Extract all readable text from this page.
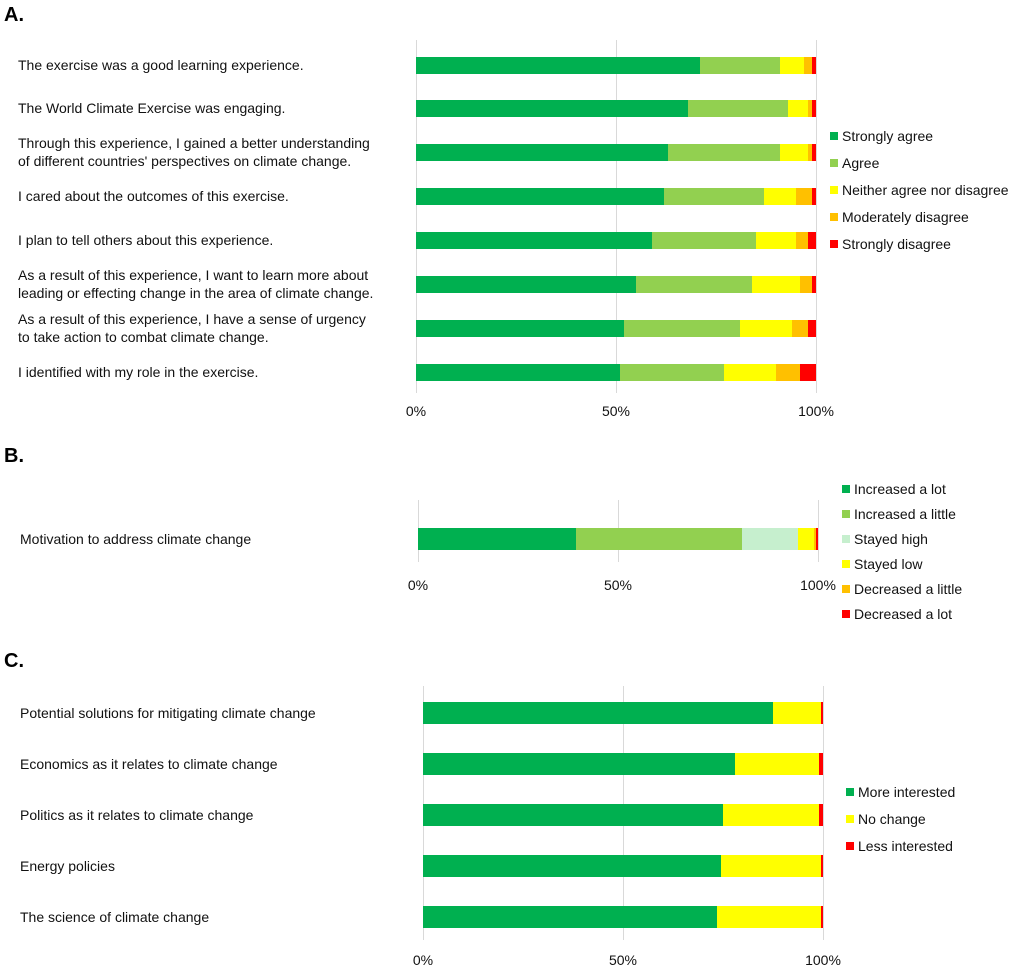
A.
0%	50%	100%
The exercise was a good learning experience.
The World Climate Exercise was engaging.
Through this experience, I gained a better understanding
of different countries' perspectives on climate change.
I cared about the outcomes of this exercise.
I plan to tell others about this experience.
As a result of this experience, I want to learn more about
leading or effecting change in the area of climate change.
As a result of this experience, I have a sense of urgency
to take action to combat climate change.
I identified with my role in the exercise.
Strongly agree
Agree
Neither agree nor disagree
Moderately disagree
Strongly disagree
B.
0%	50%	100%
Motivation to address climate change
Increased a lot
Increased a little
Stayed high
Stayed low
Decreased a little
Decreased a lot
C.
0%	50%	100%
Potential solutions for mitigating climate change
Economics as it relates to climate change
Politics as it relates to climate change
Energy policies
The science of climate change
More interested
No change
Less interested
